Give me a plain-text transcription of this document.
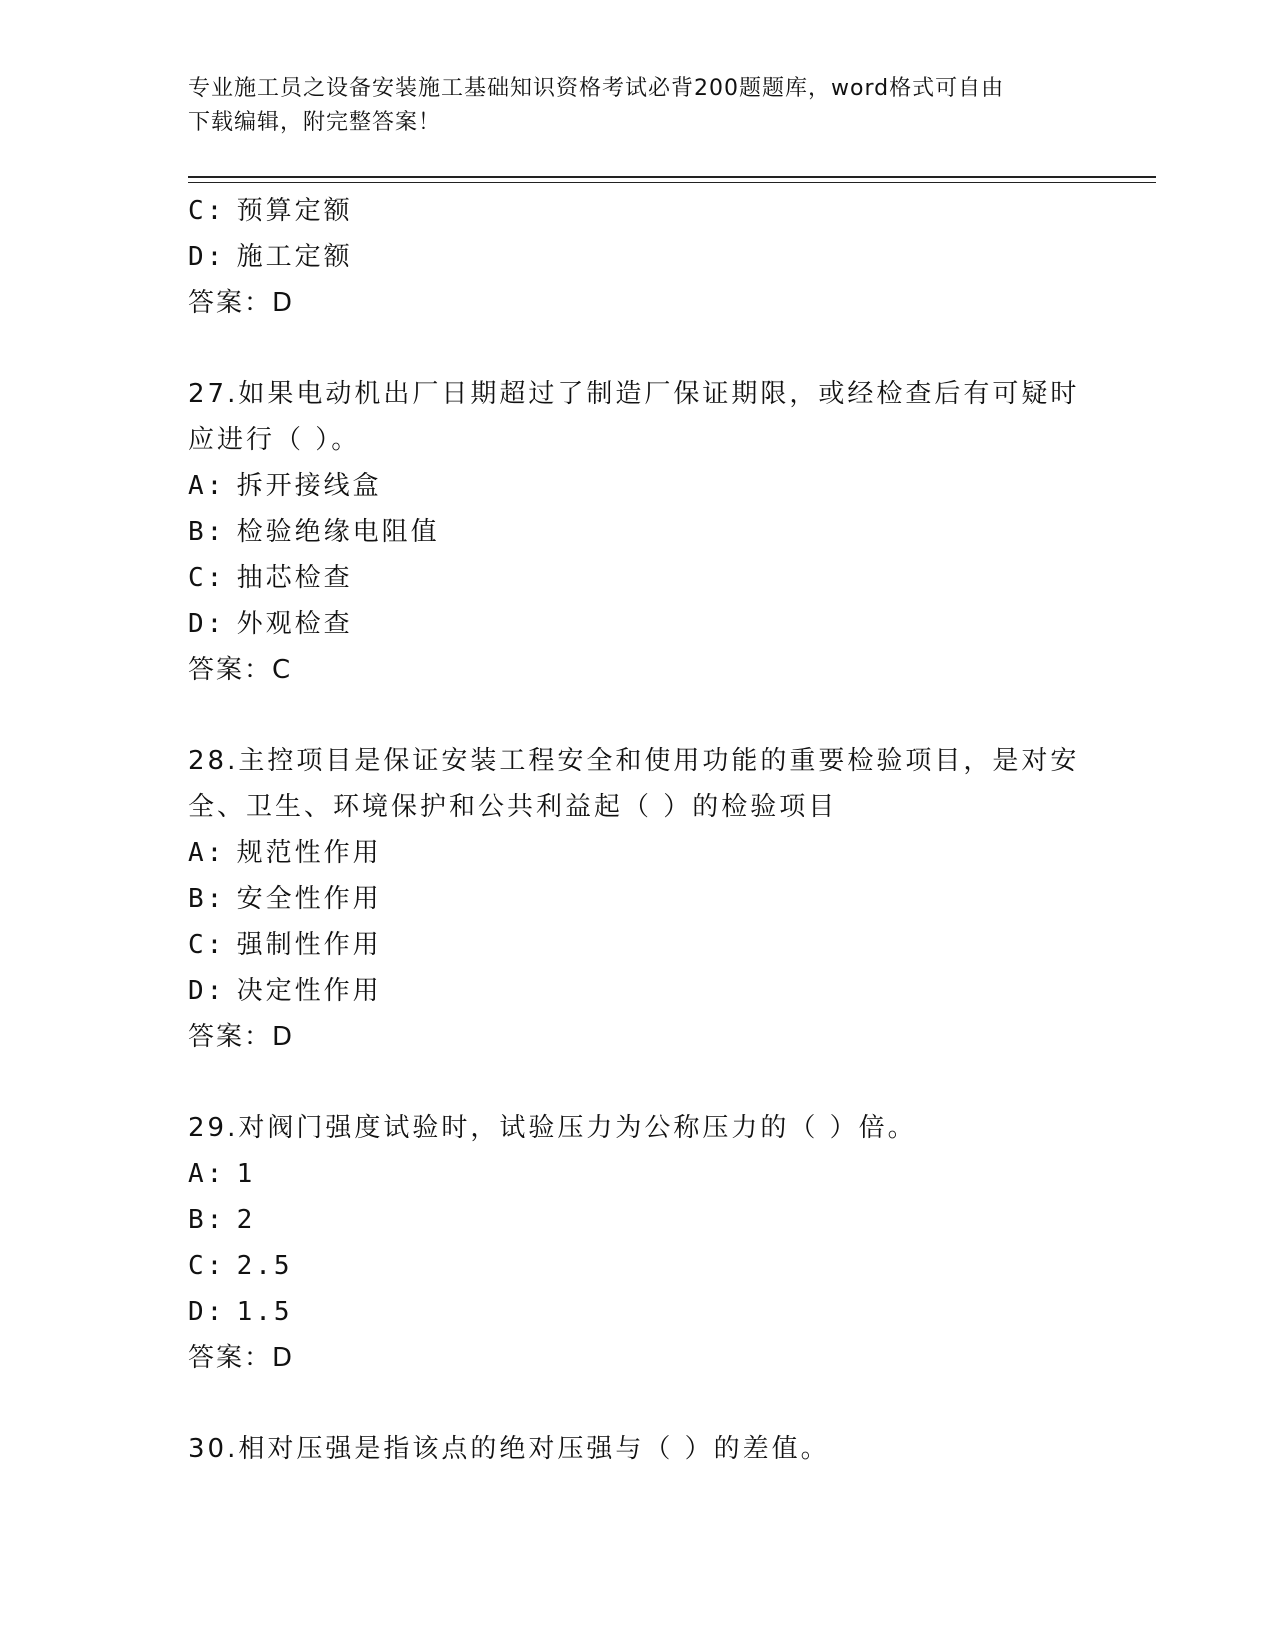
专业施工员之设备安装施工基础知识资格考试必背200题题库，word格式可自由
下载编辑，附完整答案！
C: 预算定额
D: 施工定额
答案：D
27.如果电动机出厂日期超过了制造厂保证期限，或经检查后有可疑时
应进行（ ）。
A: 拆开接线盒
B: 检验绝缘电阻值
C: 抽芯检查
D: 外观检查
答案：C
28.主控项目是保证安装工程安全和使用功能的重要检验项目，是对安
全、卫生、环境保护和公共利益起（ ）的检验项目
A: 规范性作用
B: 安全性作用
C: 强制性作用
D: 决定性作用
答案：D
29.对阀门强度试验时，试验压力为公称压力的（ ）倍。
A: 1
B: 2
C: 2.5
D: 1.5
答案：D
30.相对压强是指该点的绝对压强与（ ）的差值。
